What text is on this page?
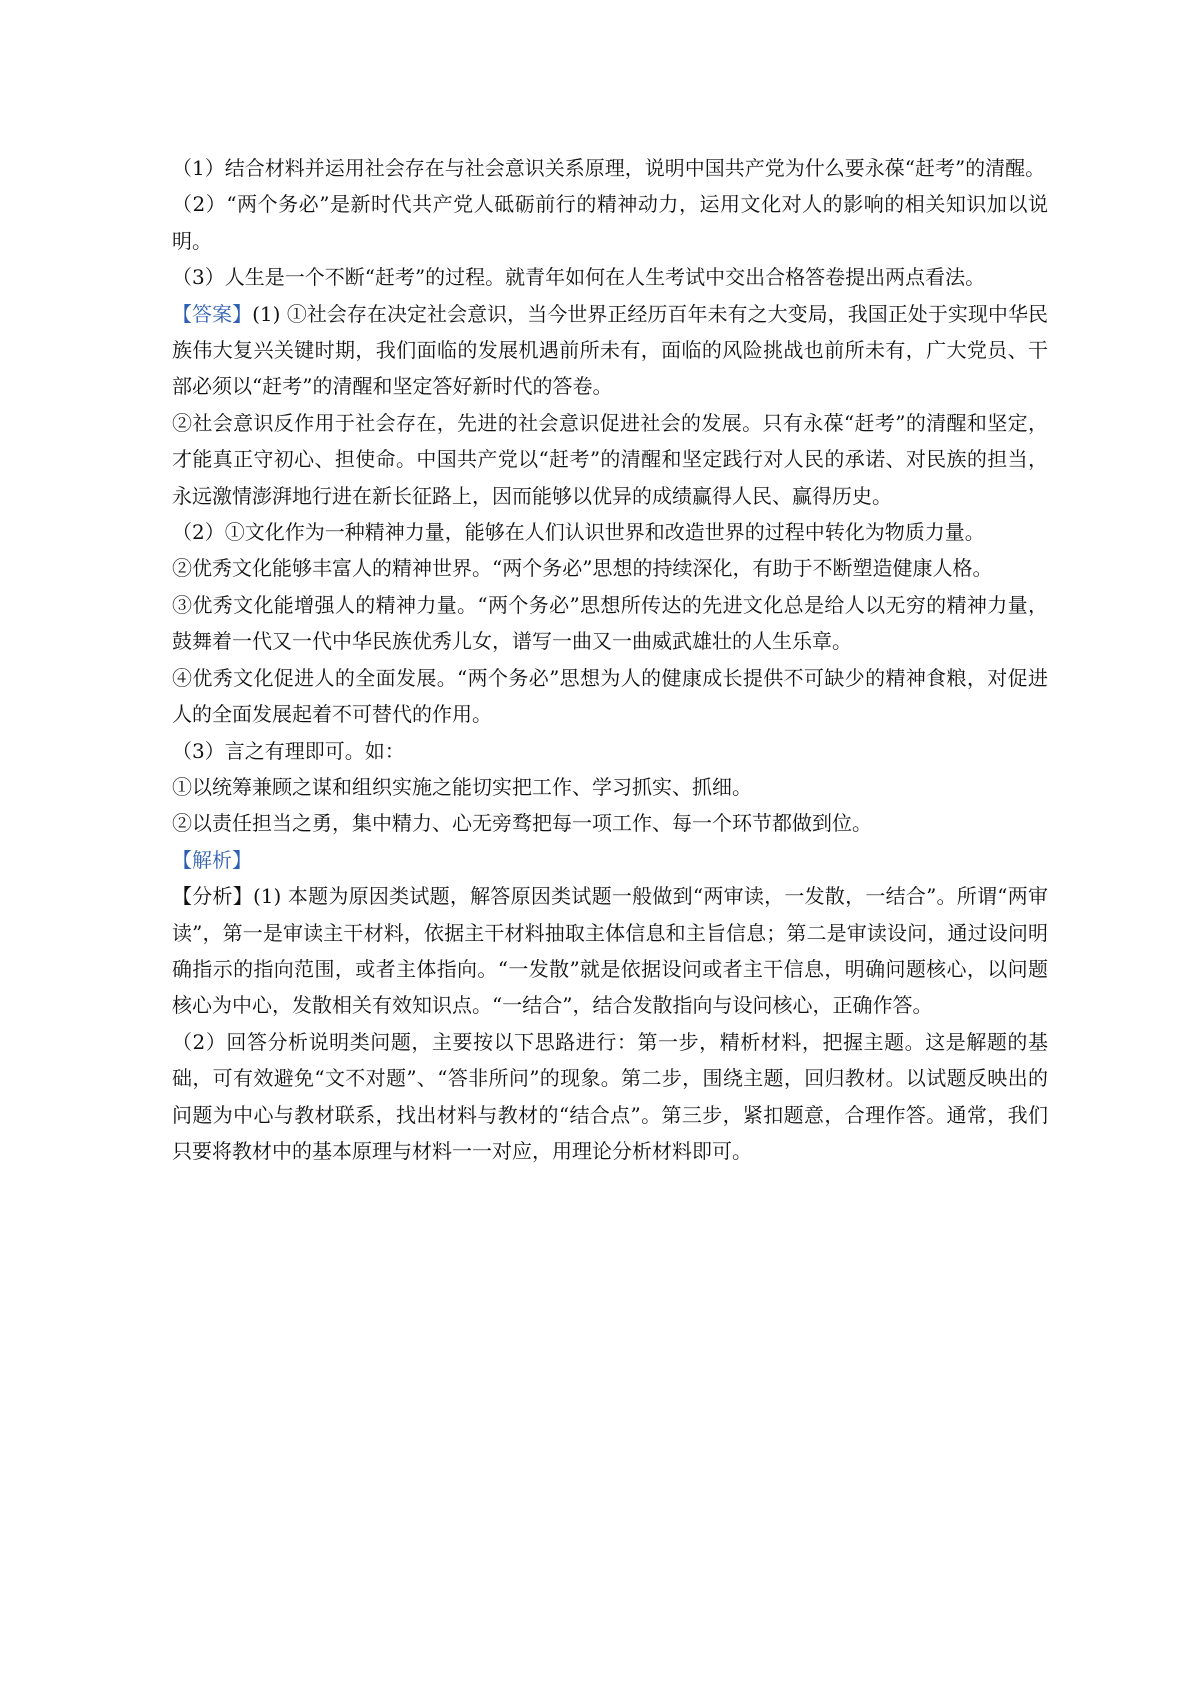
（1）结合材料并运用社会存在与社会意识关系原理，说明中国共产党为什么要永葆“赶考”的清醒。

（2）“两个务必”是新时代共产党人砥砺前行的精神动力，运用文化对人的影响的相关知识加以说明。

（3）人生是一个不断“赶考”的过程。就青年如何在人生考试中交出合格答卷提出两点看法。

【答案】(1) ①社会存在决定社会意识，当今世界正经历百年未有之大变局，我国正处于实现中华民族伟大复兴关键时期，我们面临的发展机遇前所未有，面临的风险挑战也前所未有，广大党员、干部必须以“赶考”的清醒和坚定答好新时代的答卷。

②社会意识反作用于社会存在，先进的社会意识促进社会的发展。只有永葆“赶考”的清醒和坚定，才能真正守初心、担使命。中国共产党以“赶考”的清醒和坚定践行对人民的承诺、对民族的担当，永远激情澎湃地行进在新长征路上，因而能够以优异的成绩赢得人民、赢得历史。

（2）①文化作为一种精神力量，能够在人们认识世界和改造世界的过程中转化为物质力量。

②优秀文化能够丰富人的精神世界。“两个务必”思想的持续深化，有助于不断塑造健康人格。

③优秀文化能增强人的精神力量。“两个务必”思想所传达的先进文化总是给人以无穷的精神力量，鼓舞着一代又一代中华民族优秀儿女，谱写一曲又一曲威武雄壮的人生乐章。

④优秀文化促进人的全面发展。“两个务必”思想为人的健康成长提供不可缺少的精神食粮，对促进人的全面发展起着不可替代的作用。

（3）言之有理即可。如：

①以统筹兼顾之谋和组织实施之能切实把工作、学习抓实、抓细。

②以责任担当之勇，集中精力、心无旁骛把每一项工作、每一个环节都做到位。

【解析】

【分析】(1) 本题为原因类试题，解答原因类试题一般做到“两审读，一发散，一结合”。所谓“两审读”，第一是审读主干材料，依据主干材料抽取主体信息和主旨信息；第二是审读设问，通过设问明确指示的指向范围，或者主体指向。“一发散”就是依据设问或者主干信息，明确问题核心，以问题核心为中心，发散相关有效知识点。“一结合”，结合发散指向与设问核心，正确作答。

（2）回答分析说明类问题，主要按以下思路进行：第一步，精析材料，把握主题。这是解题的基础，可有效避免“文不对题”、“答非所问”的现象。第二步，围绕主题，回归教材。以试题反映出的问题为中心与教材联系，找出材料与教材的“结合点”。第三步，紧扣题意，合理作答。通常，我们只要将教材中的基本原理与材料一一对应，用理论分析材料即可。
